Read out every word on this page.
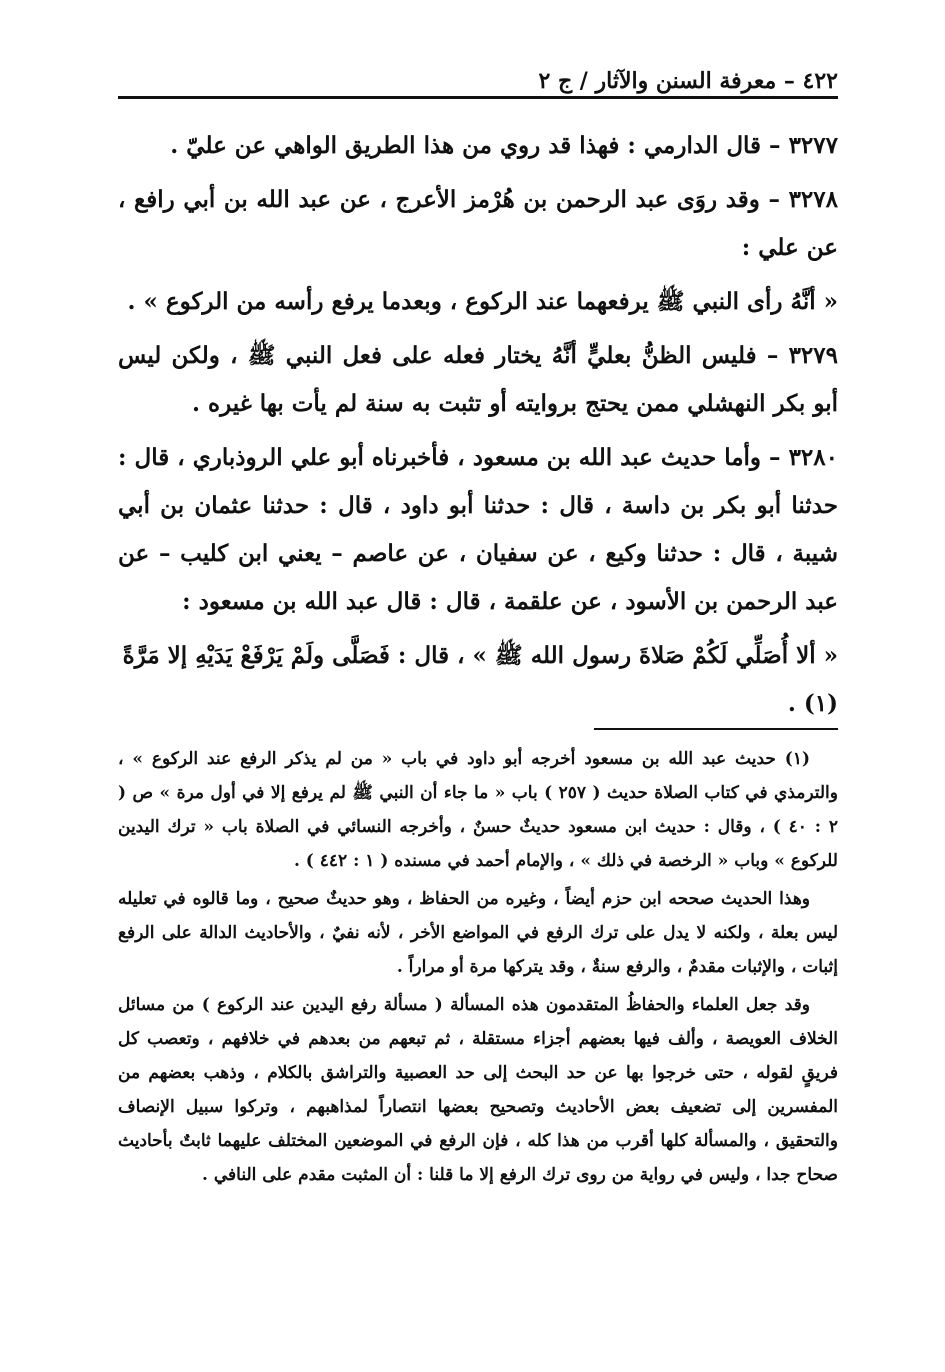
٤٢٢ – معرفة السنن والآثار / ج ٢

٣٢٧٧ – قال الدارمي : فهذا قد روي من هذا الطريق الواهي عن عليّ .

٣٢٧٨ – وقد روَى عبد الرحمن بن هُرْمز الأعرج ، عن عبد الله بن أبي رافع ، عن علي :

« أنَّهُ رأى النبي ﷺ يرفعهما عند الركوع ، وبعدما يرفع رأسه من الركوع » .

٣٢٧٩ – فليس الظنُّ بعليٍّ أنَّهُ يختار فعله على فعل النبي ﷺ ، ولكن ليس أبو بكر النهشلي ممن يحتج بروايته أو تثبت به سنة لم يأت بها غيره .

٣٢٨٠ – وأما حديث عبد الله بن مسعود ، فأخبرناه أبو علي الروذباري ، قال : حدثنا أبو بكر بن داسة ، قال : حدثنا أبو داود ، قال : حدثنا عثمان بن أبي شيبة ، قال : حدثنا وكيع ، عن سفيان ، عن عاصم – يعني ابن كليب – عن عبد الرحمن بن الأسود ، عن علقمة ، قال : قال عبد الله بن مسعود :

« ألا أُصَلِّي لَكُمْ صَلاةَ رسول الله ﷺ » ، قال : فَصَلَّى ولَمْ يَرْفَعْ يَدَيْهِ إلا مَرَّةً (١) .

(١) حديث عبد الله بن مسعود أخرجه أبو داود في باب « من لم يذكر الرفع عند الركوع » ، والترمذي في كتاب الصلاة حديث ( ٢٥٧ ) باب « ما جاء أن النبي ﷺ لم يرفع إلا في أول مرة » ص ( ٢ : ٤٠ ) ، وقال : حديث ابن مسعود حديثٌ حسنٌ ، وأخرجه النسائي في الصلاة باب « ترك اليدين للركوع » وباب « الرخصة في ذلك » ، والإمام أحمد في مسنده ( ١ : ٤٤٢ ) .

وهذا الحديث صححه ابن حزم أيضاً ، وغيره من الحفاظ ، وهو حديثٌ صحيح ، وما قالوه في تعليله ليس بعلة ، ولكنه لا يدل على ترك الرفع في المواضع الأخر ، لأنه نفيٌ ، والأحاديث الدالة على الرفع إثبات ، والإثبات مقدمٌ ، والرفع سنةٌ ، وقد يتركها مرة أو مراراً .

وقد جعل العلماء والحفاظُ المتقدمون هذه المسألة ( مسألة رفع اليدين عند الركوع ) من مسائل الخلاف العويصة ، وألف فيها بعضهم أجزاء مستقلة ، ثم تبعهم من بعدهم في خلافهم ، وتعصب كل فريقٍ لقوله ، حتى خرجوا بها عن حد البحث إلى حد العصبية والتراشق بالكلام ، وذهب بعضهم من المفسرين إلى تضعيف بعض الأحاديث وتصحيح بعضها انتصاراً لمذاهبهم ، وتركوا سبيل الإنصاف والتحقيق ، والمسألة كلها أقرب من هذا كله ، فإن الرفع في الموضعين المختلف عليهما ثابتٌ بأحاديث صحاح جدا ، وليس في رواية من روى ترك الرفع إلا ما قلنا : أن المثبت مقدم على النافي .
